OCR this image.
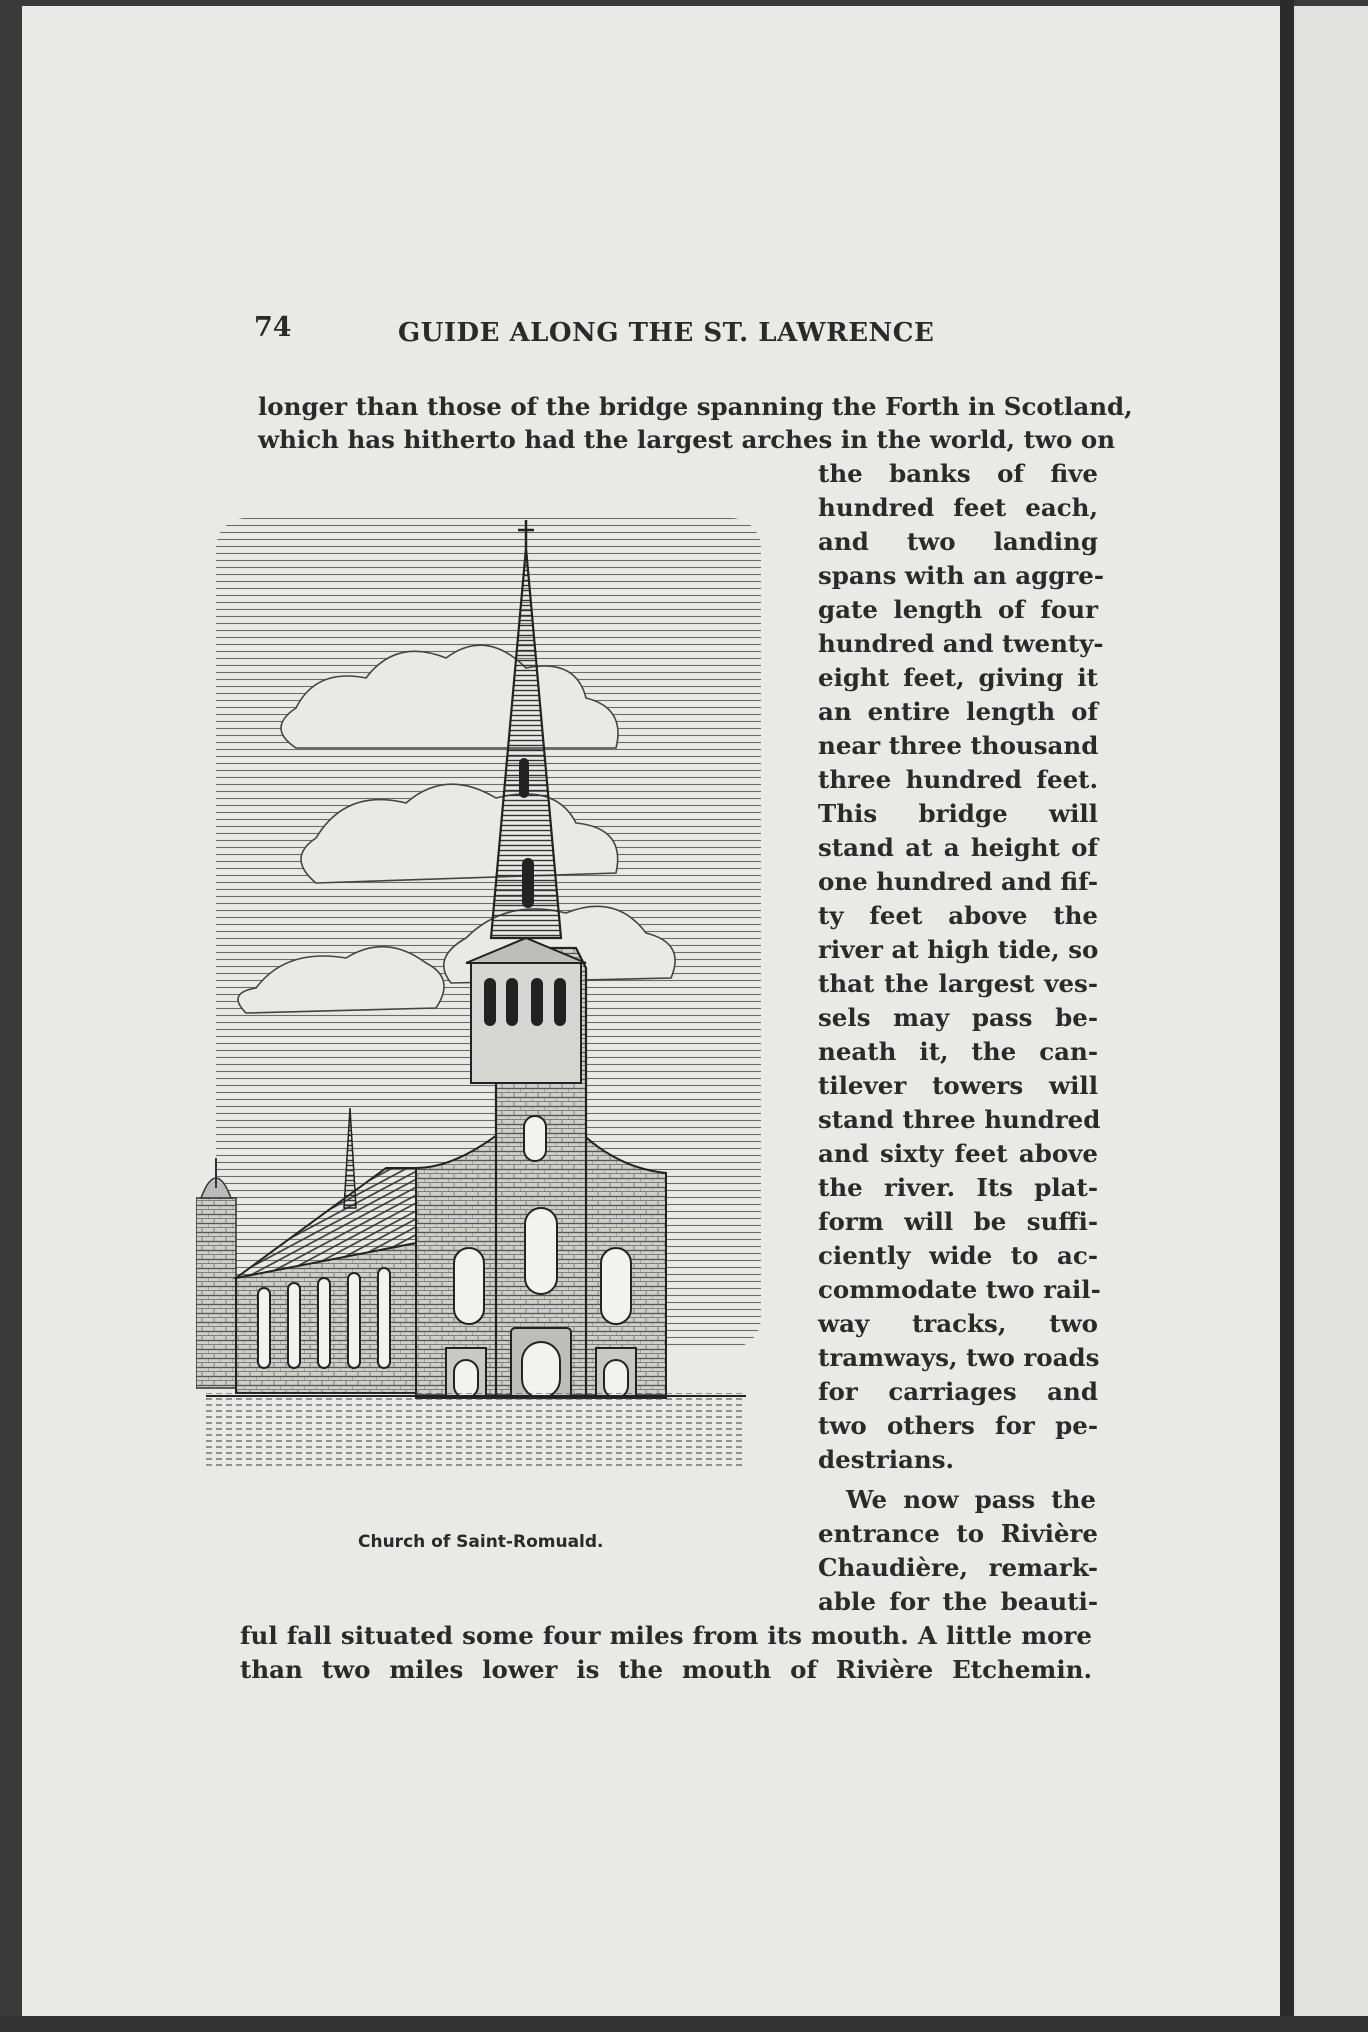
74	GUIDE ALONG THE ST. LAWRENCE
longer than those of the bridge spanning the Forth in Scotland,
which has hitherto had the largest arches in the world, two on
the banks of five
hundred feet each,
and two landing
spans with an aggre-
gate length of four
hundred and twenty-
eight feet, giving it
an entire length of
near three thousand
three hundred feet.
This bridge will
stand at a height of
one hundred and fif-
ty feet above the
river at high tide, so
that the largest ves-
sels may pass be-
neath it, the can-
tilever towers will
stand three hundred
and sixty feet above
the river. Its plat-
form will be suffi-
ciently wide to ac-
commodate two rail-
way tracks, two
tramways, two roads
for carriages and
two others for pe-
destrians.
We now pass the
entrance to Rivière
Chaudière, remark-
able for the beauti-
ful fall situated some four miles from its mouth. A little more
than two miles lower is the mouth of Rivière Etchemin.
Church of Saint-Romuald.
